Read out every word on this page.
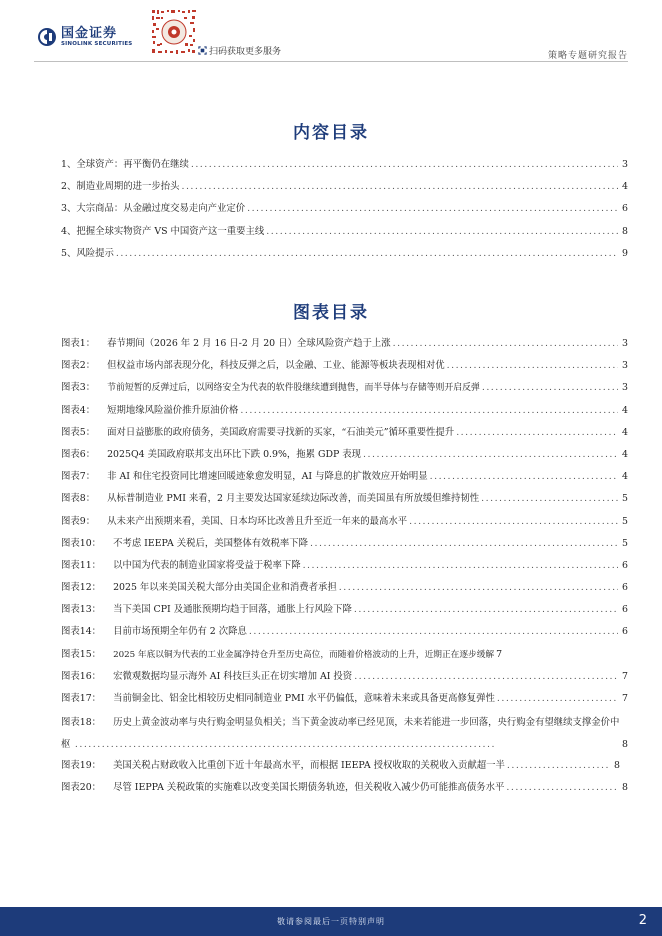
国金证券
SINOLINK SECURITIES
扫码获取更多服务	策略专题研究报告
内容目录
1、全球资产：再平衡仍在继续 .....	3
2、制造业周期的进一步抬头 .....	4
3、大宗商品：从金融过度交易走向产业定价 .....	6
4、把握全球实物资产 VS 中国资产这一重要主线 .....	8
5、风险提示 .....	9
图表目录
图表1： 春节期间（2026 年 2 月 16 日-2 月 20 日）全球风险资产趋于上涨 .....	3
图表2： 但权益市场内部表现分化，科技反弹之后，以金融、工业、能源等板块表现相对优 .....	3
图表3： 节前短暂的反弹过后，以网络安全为代表的软件股继续遭到抛售，而半导体与存储等则开启反弹 .....	3
图表4： 短期地缘风险溢价推升原油价格 .....	4
图表5： 面对日益膨胀的政府债务，美国政府需要寻找新的买家，“石油美元”循环重要性提升 .....	4
图表6： 2025Q4 美国政府联邦支出环比下跌 0.9%，拖累 GDP 表现 .....	4
图表7： 非 AI 和住宅投资同比增速回暖迹象愈发明显，AI 与降息的扩散效应开始明显 .....	4
图表8： 从标普制造业 PMI 来看，2 月主要发达国家延续边际改善，而美国虽有所放缓但维持韧性 .....	5
图表9： 从未来产出预期来看，美国、日本均环比改善且升至近一年来的最高水平 .....	5
图表10： 不考虑 IEEPA 关税后，美国整体有效税率下降 .....	5
图表11： 以中国为代表的制造业国家将受益于税率下降 .....	6
图表12： 2025 年以来美国关税大部分由美国企业和消费者承担 .....	6
图表13： 当下美国 CPI 及通胀预期均趋于回落，通胀上行风险下降 .....	6
图表14： 目前市场预期全年仍有 2 次降息 .....	6
图表15： 2025 年底以铜为代表的工业金属净持仓升至历史高位，而随着价格波动的上升，近期正在逐步缓解 7
图表16： 宏微观数据均显示海外 AI 科技巨头正在切实增加 AI 投资 .....	7
图表17： 当前铜金比、铝金比相较历史相同制造业 PMI 水平仍偏低，意味着未来或具备更高修复弹性 .....	7
图表18： 历史上黄金波动率与央行购金明显负相关；当下黄金波动率已经见顶，未来若能进一步回落，央行购金有望继续支撑金价中枢 ..............................................................................................	8
图表19： 美国关税占财政收入比重创下近十年最高水平，而根据 IEEPA 授权收取的关税收入贡献超一半 .....	8
图表20： 尽管 IEPPA 关税政策的实施难以改变美国长期债务轨迹，但关税收入减少仍可能推高债务水平 .....	8
敬请参阅最后一页特别声明	2
